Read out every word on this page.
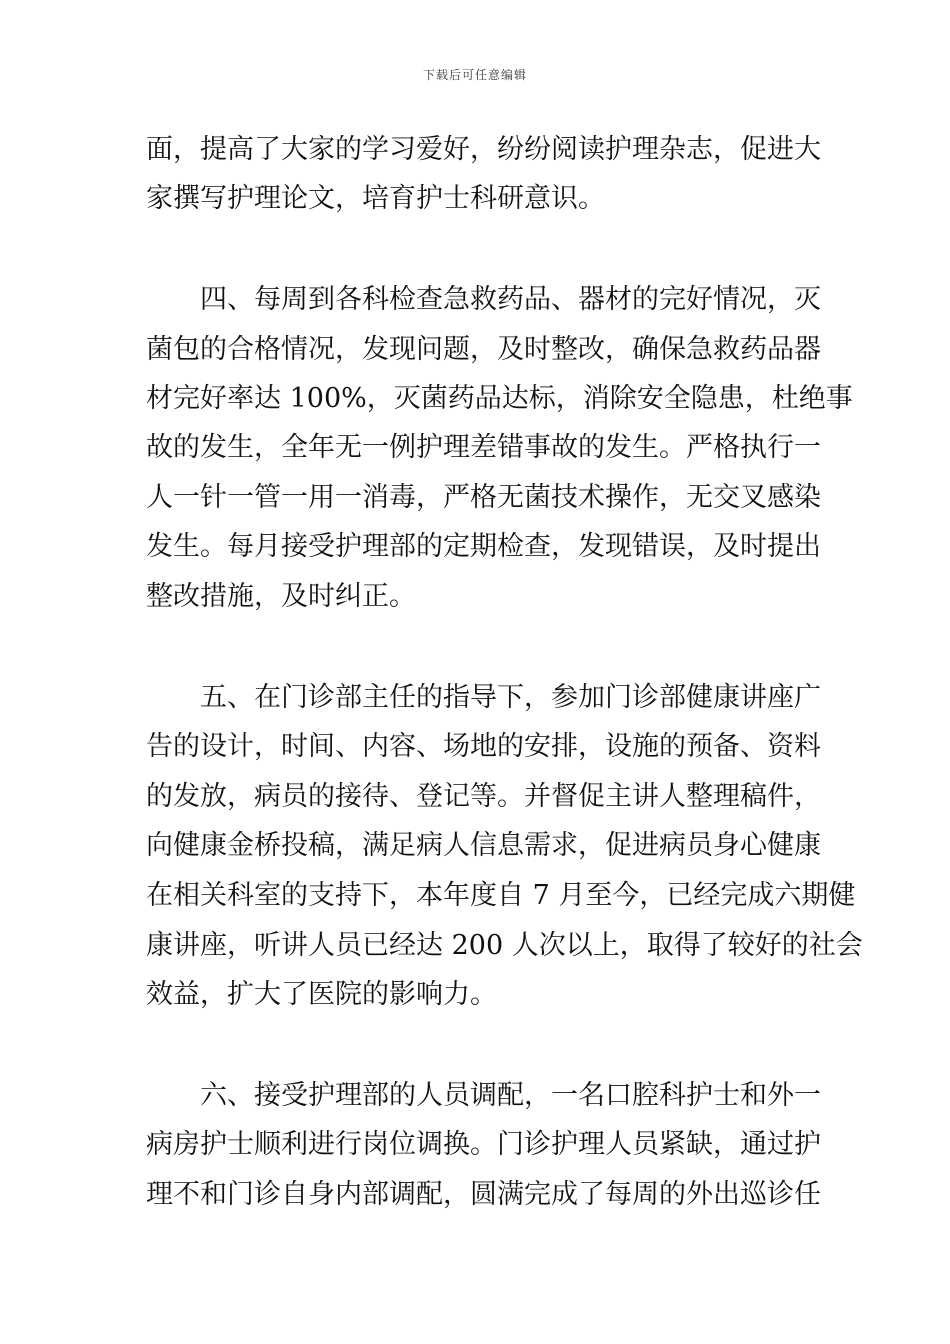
下载后可任意编辑
面，提高了大家的学习爱好，纷纷阅读护理杂志，促进大
家撰写护理论文，培育护士科研意识。
四、每周到各科检查急救药品、器材的完好情况，灭
菌包的合格情况，发现问题，及时整改，确保急救药品器
材完好率达 100%，灭菌药品达标，消除安全隐患，杜绝事
故的发生，全年无一例护理差错事故的发生。严格执行一
人一针一管一用一消毒，严格无菌技术操作，无交叉感染
发生。每月接受护理部的定期检查，发现错误，及时提出
整改措施，及时纠正。
五、在门诊部主任的指导下，参加门诊部健康讲座广
告的设计，时间、内容、场地的安排，设施的预备、资料
的发放，病员的接待、登记等。并督促主讲人整理稿件，
向健康金桥投稿，满足病人信息需求，促进病员身心健康
在相关科室的支持下，本年度自 7 月至今，已经完成六期健
康讲座，听讲人员已经达 200 人次以上，取得了较好的社会
效益，扩大了医院的影响力。
六、接受护理部的人员调配，一名口腔科护士和外一
病房护士顺利进行岗位调换。门诊护理人员紧缺，通过护
理不和门诊自身内部调配，圆满完成了每周的外出巡诊任
